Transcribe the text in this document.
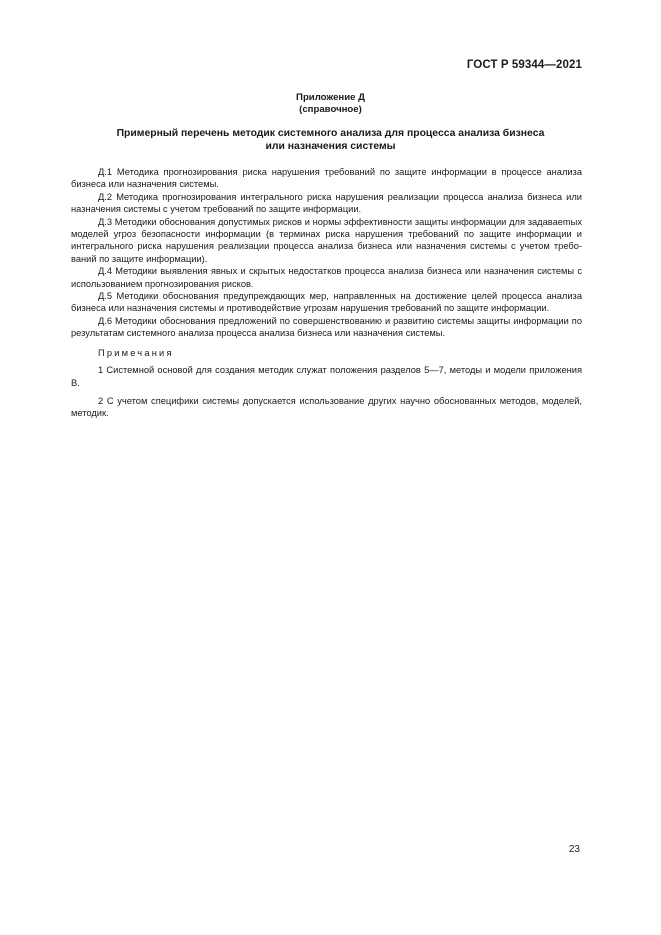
ГОСТ Р 59344—2021
Приложение Д
(справочное)
Примерный перечень методик системного анализа для процесса анализа бизнеса
или назначения системы

Д.1 Методика прогнозирования риска нарушения требований по защите информации в процессе анализа бизнеса или назначения системы.

Д.2 Методика прогнозирования интегрального риска нарушения реализации процесса анализа бизнеса или назначения системы с учетом требований по защите информации.

Д.3 Методики обоснования допустимых рисков и нормы эффективности защиты информации для задаваеmых моделей угроз безопасности информации (в терминах риска нарушения требований по защите информации и интегрального риска нарушения реализации процесса анализа бизнеса или назначения системы с учетом требований по защите информации).

Д.4 Методики выявления явных и скрытых недостатков процесса анализа бизнеса или назначения системы с использованием прогнозирования рисков.

Д.5 Методики обоснования предупреждающих мер, направленных на достижение целей процесса анализа бизнеса или назначения системы и противодействие угрозам нарушения требований по защите информации.

Д.6 Методики обоснования предложений по совершенствованию и развитию системы защиты информации по результатам системного анализа процесса анализа бизнеса или назначения системы.

Примечания

1 Системной основой для создания методик служат положения разделов 5—7, методы и модели приложения В.

2 С учетом специфики системы допускается использование других научно обоснованных методов, моделей, методик.

23
